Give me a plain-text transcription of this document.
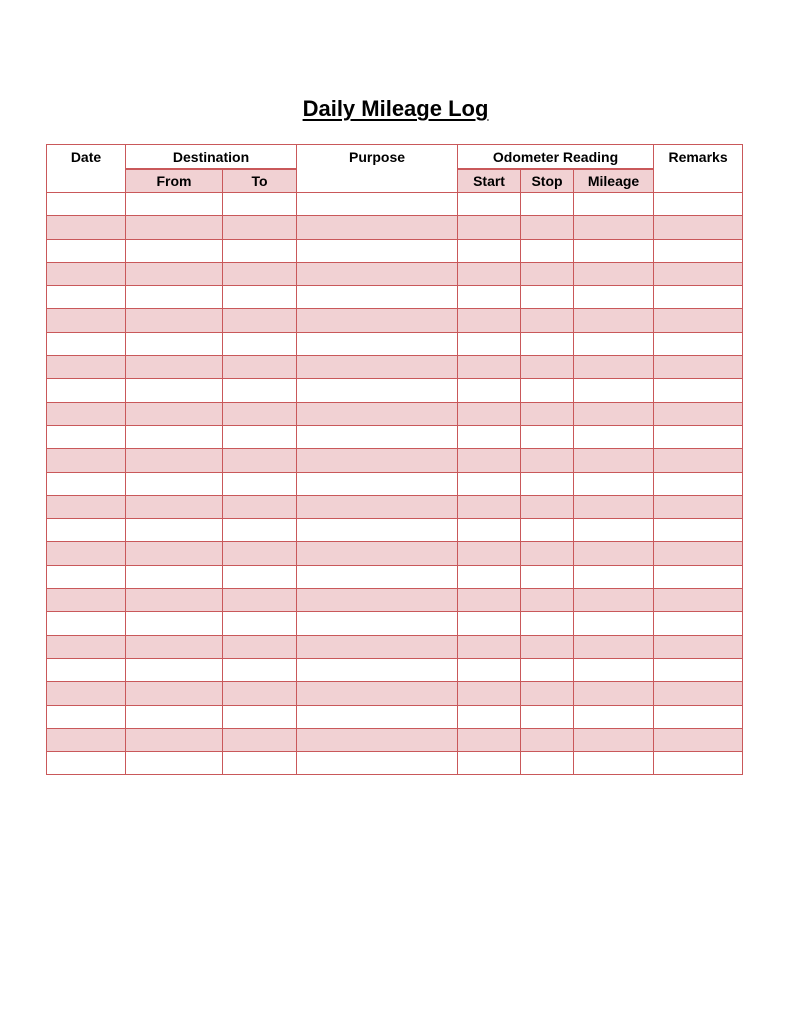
Daily Mileage Log
Date	Destination		Purpose	Odometer Reading			Remarks
	From	To		Start	Stop	Mileage	
